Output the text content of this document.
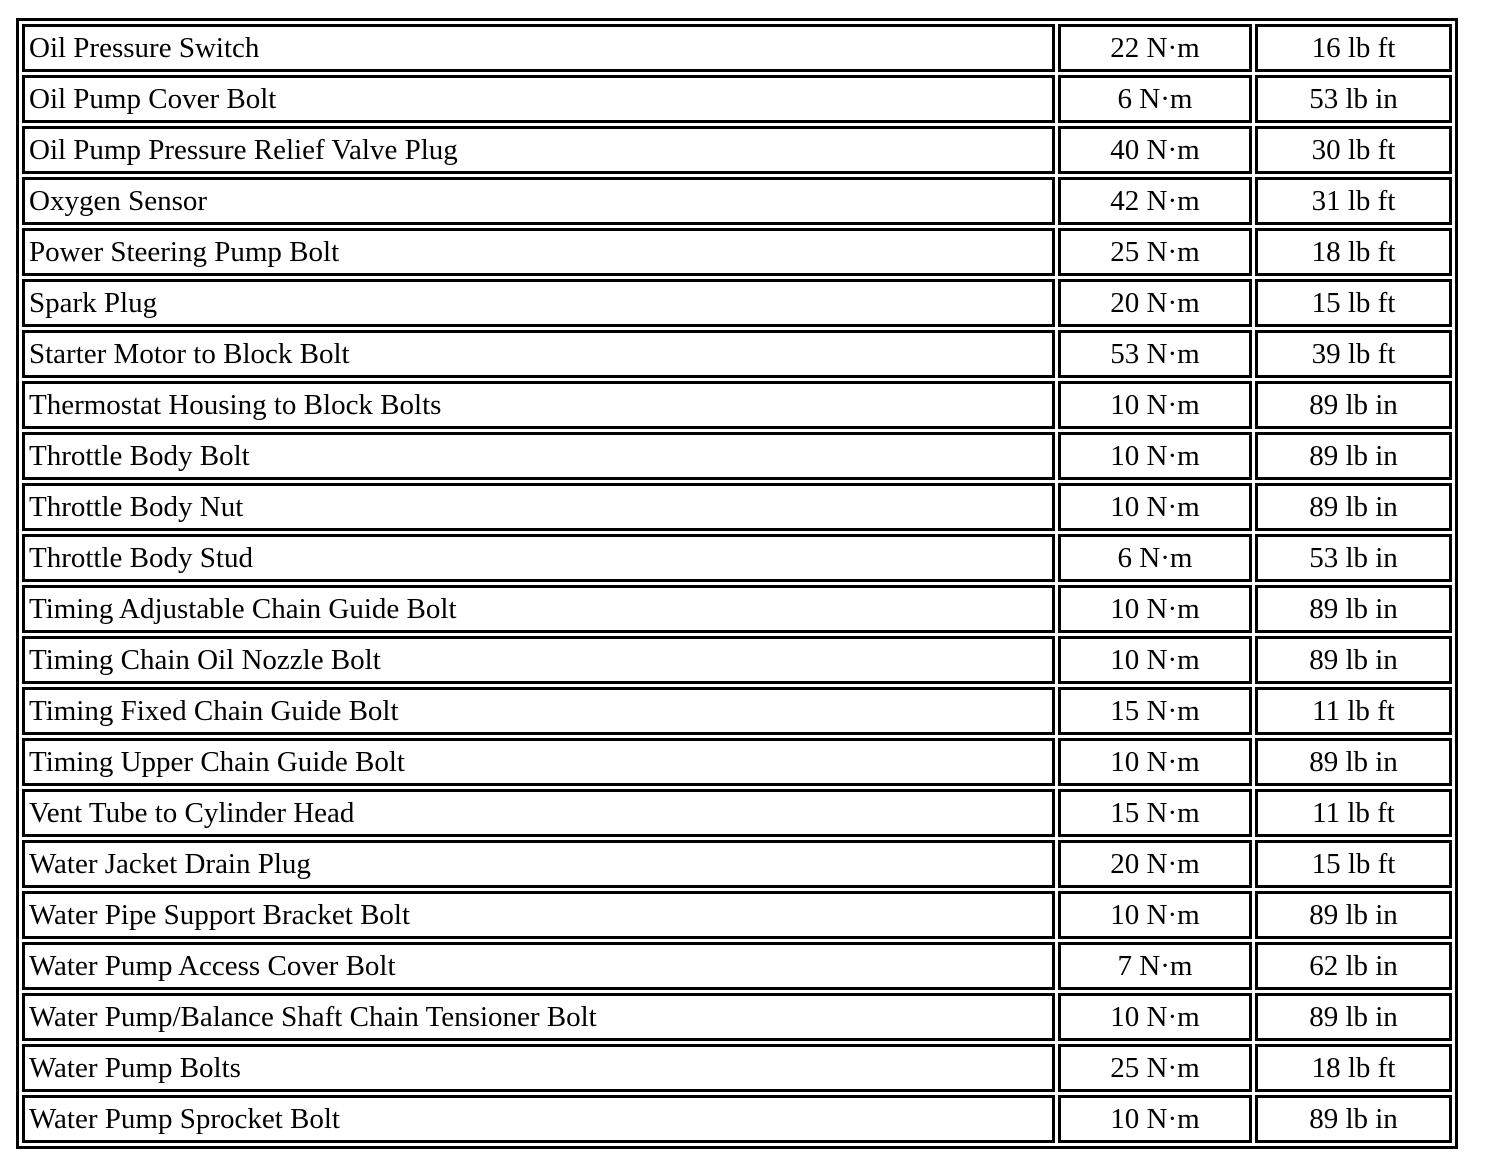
Oil Pressure Switch	22 N·m	16 lb ft
Oil Pump Cover Bolt	6 N·m	53 lb in
Oil Pump Pressure Relief Valve Plug	40 N·m	30 lb ft
Oxygen Sensor	42 N·m	31 lb ft
Power Steering Pump Bolt	25 N·m	18 lb ft
Spark Plug	20 N·m	15 lb ft
Starter Motor to Block Bolt	53 N·m	39 lb ft
Thermostat Housing to Block Bolts	10 N·m	89 lb in
Throttle Body Bolt	10 N·m	89 lb in
Throttle Body Nut	10 N·m	89 lb in
Throttle Body Stud	6 N·m	53 lb in
Timing Adjustable Chain Guide Bolt	10 N·m	89 lb in
Timing Chain Oil Nozzle Bolt	10 N·m	89 lb in
Timing Fixed Chain Guide Bolt	15 N·m	11 lb ft
Timing Upper Chain Guide Bolt	10 N·m	89 lb in
Vent Tube to Cylinder Head	15 N·m	11 lb ft
Water Jacket Drain Plug	20 N·m	15 lb ft
Water Pipe Support Bracket Bolt	10 N·m	89 lb in
Water Pump Access Cover Bolt	7 N·m	62 lb in
Water Pump/Balance Shaft Chain Tensioner Bolt	10 N·m	89 lb in
Water Pump Bolts	25 N·m	18 lb ft
Water Pump Sprocket Bolt	10 N·m	89 lb in
